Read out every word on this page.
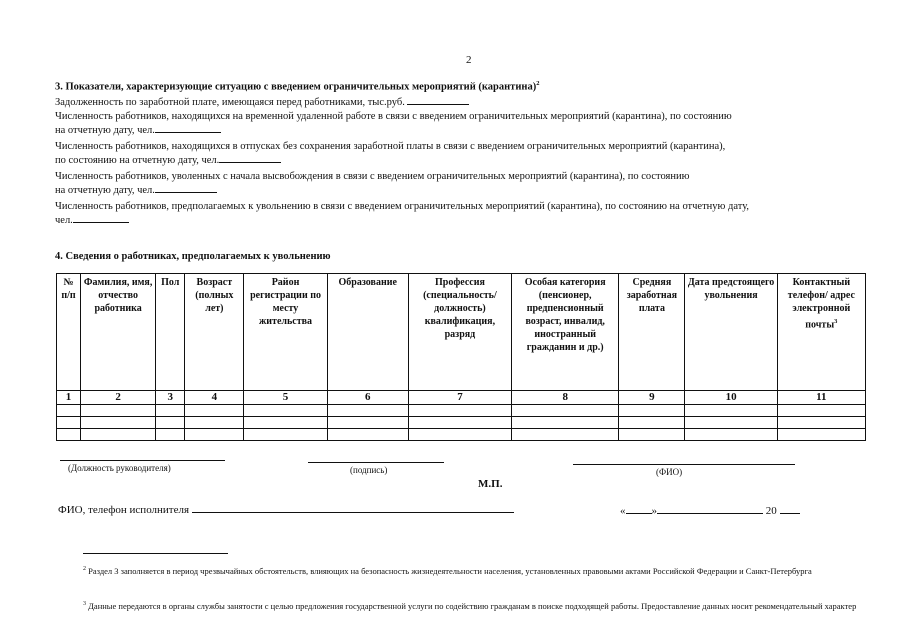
2
3. Показатели, характеризующие ситуацию с введением ограничительных мероприятий (карантина)$^2$
Задолженность по заработной плате, имеющаяся перед работниками, тыс.руб.
Численность работников, находящихся на временной удаленной работе в связи с введением ограничительных мероприятий (карантина), по состоянию
на отчетную дату, чел.
Численность работников, находящихся в отпусках без сохранения заработной платы в связи с введением ограничительных мероприятий (карантина),
по состоянию на отчетную дату, чел.
Численность работников, уволенных с начала высвобождения в связи с введением ограничительных мероприятий (карантина), по состоянию
на отчетную дату, чел.
Численность работников, предполагаемых к увольнению в связи с введением ограничительных мероприятий (карантина), по состоянию на отчетную дату,
чел.
4. Сведения о работниках, предполагаемых к увольнению
№ п/п	Фамилия, имя, отчество работника	Пол	Возраст (полных лет)	Район регистрации по месту жительства	Образование	Профессия (специальность/ должность) квалификация, разряд	Особая категория (пенсионер, предпенсионный возраст, инвалид, иностранный гражданин и др.)	Средняя заработная плата	Дата предстоящего увольнения	Контактный телефон/ адрес электронной почты$^3$
1	2	3	4	5	6	7	8	9	10	11

(Должность руководителя)	(подпись)	(ФИО)
М.П.
ФИО, телефон исполнителя	« »	20
$^2$ Раздел 3 заполняется в период чрезвычайных обстоятельств, влияющих на безопасность жизнедеятельности населения, установленных правовыми актами Российской Федерации и Санкт-Петербурга
$^3$ Данные передаются в органы службы занятости с целью предложения государственной услуги по содействию гражданам в поиске подходящей работы. Предоставление данных носит рекомендательный характер
